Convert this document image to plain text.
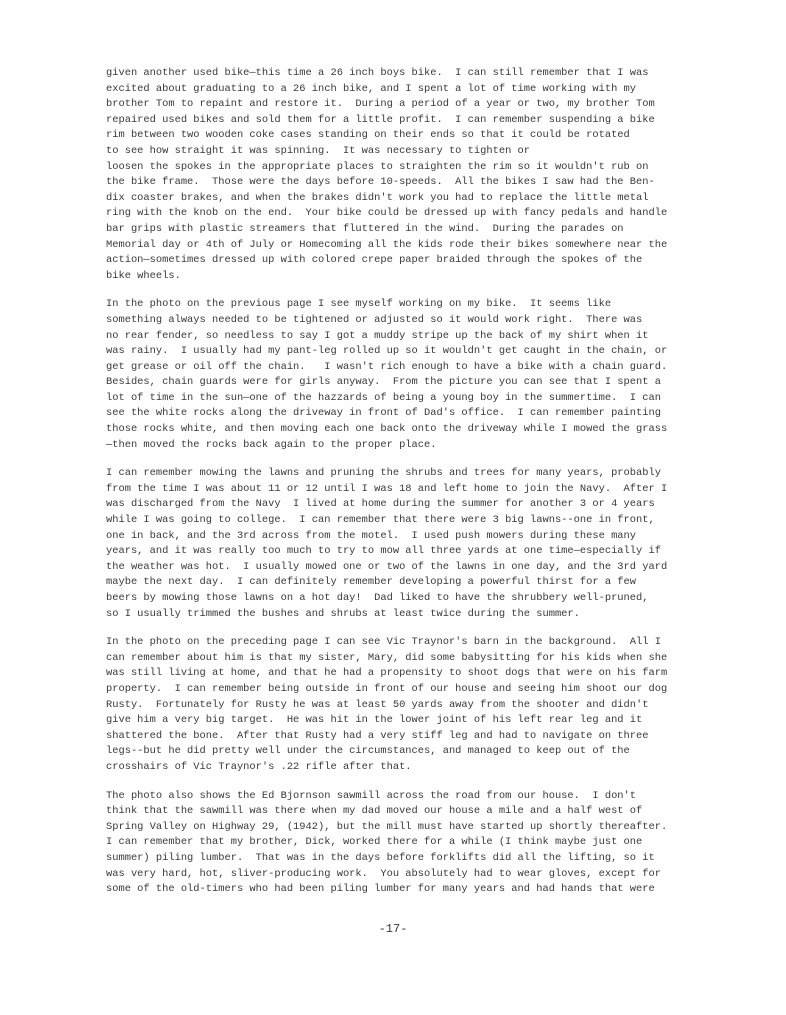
given another used bike—this time a 26 inch boys bike.  I can still remember that I was
excited about graduating to a 26 inch bike, and I spent a lot of time working with my
brother Tom to repaint and restore it.  During a period of a year or two, my brother Tom
repaired used bikes and sold them for a little profit.  I can remember suspending a bike
rim between two wooden coke cases standing on their ends so that it could be rotated
to see how straight it was spinning.  It was necessary to tighten or
loosen the spokes in the appropriate places to straighten the rim so it wouldn't rub on
the bike frame.  Those were the days before 10-speeds.  All the bikes I saw had the Ben-
dix coaster brakes, and when the brakes didn't work you had to replace the little metal
ring with the knob on the end.  Your bike could be dressed up with fancy pedals and handle
bar grips with plastic streamers that fluttered in the wind.  During the parades on
Memorial day or 4th of July or Homecoming all the kids rode their bikes somewhere near the
action—sometimes dressed up with colored crepe paper braided through the spokes of the
bike wheels.

In the photo on the previous page I see myself working on my bike.  It seems like
something always needed to be tightened or adjusted so it would work right.  There was
no rear fender, so needless to say I got a muddy stripe up the back of my shirt when it
was rainy.  I usually had my pant-leg rolled up so it wouldn't get caught in the chain, or
get grease or oil off the chain.   I wasn't rich enough to have a bike with a chain guard.
Besides, chain guards were for girls anyway.  From the picture you can see that I spent a
lot of time in the sun—one of the hazzards of being a young boy in the summertime.  I can
see the white rocks along the driveway in front of Dad's office.  I can remember painting
those rocks white, and then moving each one back onto the driveway while I mowed the grass
—then moved the rocks back again to the proper place.

I can remember mowing the lawns and pruning the shrubs and trees for many years, probably
from the time I was about 11 or 12 until I was 18 and left home to join the Navy.  After I
was discharged from the Navy  I lived at home during the summer for another 3 or 4 years
while I was going to college.  I can remember that there were 3 big lawns--one in front,
one in back, and the 3rd across from the motel.  I used push mowers during these many
years, and it was really too much to try to mow all three yards at one time—especially if
the weather was hot.  I usually mowed one or two of the lawns in one day, and the 3rd yard
maybe the next day.  I can definitely remember developing a powerful thirst for a few
beers by mowing those lawns on a hot day!  Dad liked to have the shrubbery well-pruned,
so I usually trimmed the bushes and shrubs at least twice during the summer.

In the photo on the preceding page I can see Vic Traynor's barn in the background.  All I
can remember about him is that my sister, Mary, did some babysitting for his kids when she
was still living at home, and that he had a propensity to shoot dogs that were on his farm
property.  I can remember being outside in front of our house and seeing him shoot our dog
Rusty.  Fortunately for Rusty he was at least 50 yards away from the shooter and didn't
give him a very big target.  He was hit in the lower joint of his left rear leg and it
shattered the bone.  After that Rusty had a very stiff leg and had to navigate on three
legs--but he did pretty well under the circumstances, and managed to keep out of the
crosshairs of Vic Traynor's .22 rifle after that.

The photo also shows the Ed Bjornson sawmill across the road from our house.  I don't
think that the sawmill was there when my dad moved our house a mile and a half west of
Spring Valley on Highway 29, (1942), but the mill must have started up shortly thereafter.
I can remember that my brother, Dick, worked there for a while (I think maybe just one
summer) piling lumber.  That was in the days before forklifts did all the lifting, so it
was very hard, hot, sliver-producing work.  You absolutely had to wear gloves, except for
some of the old-timers who had been piling lumber for many years and had hands that were

-17-
